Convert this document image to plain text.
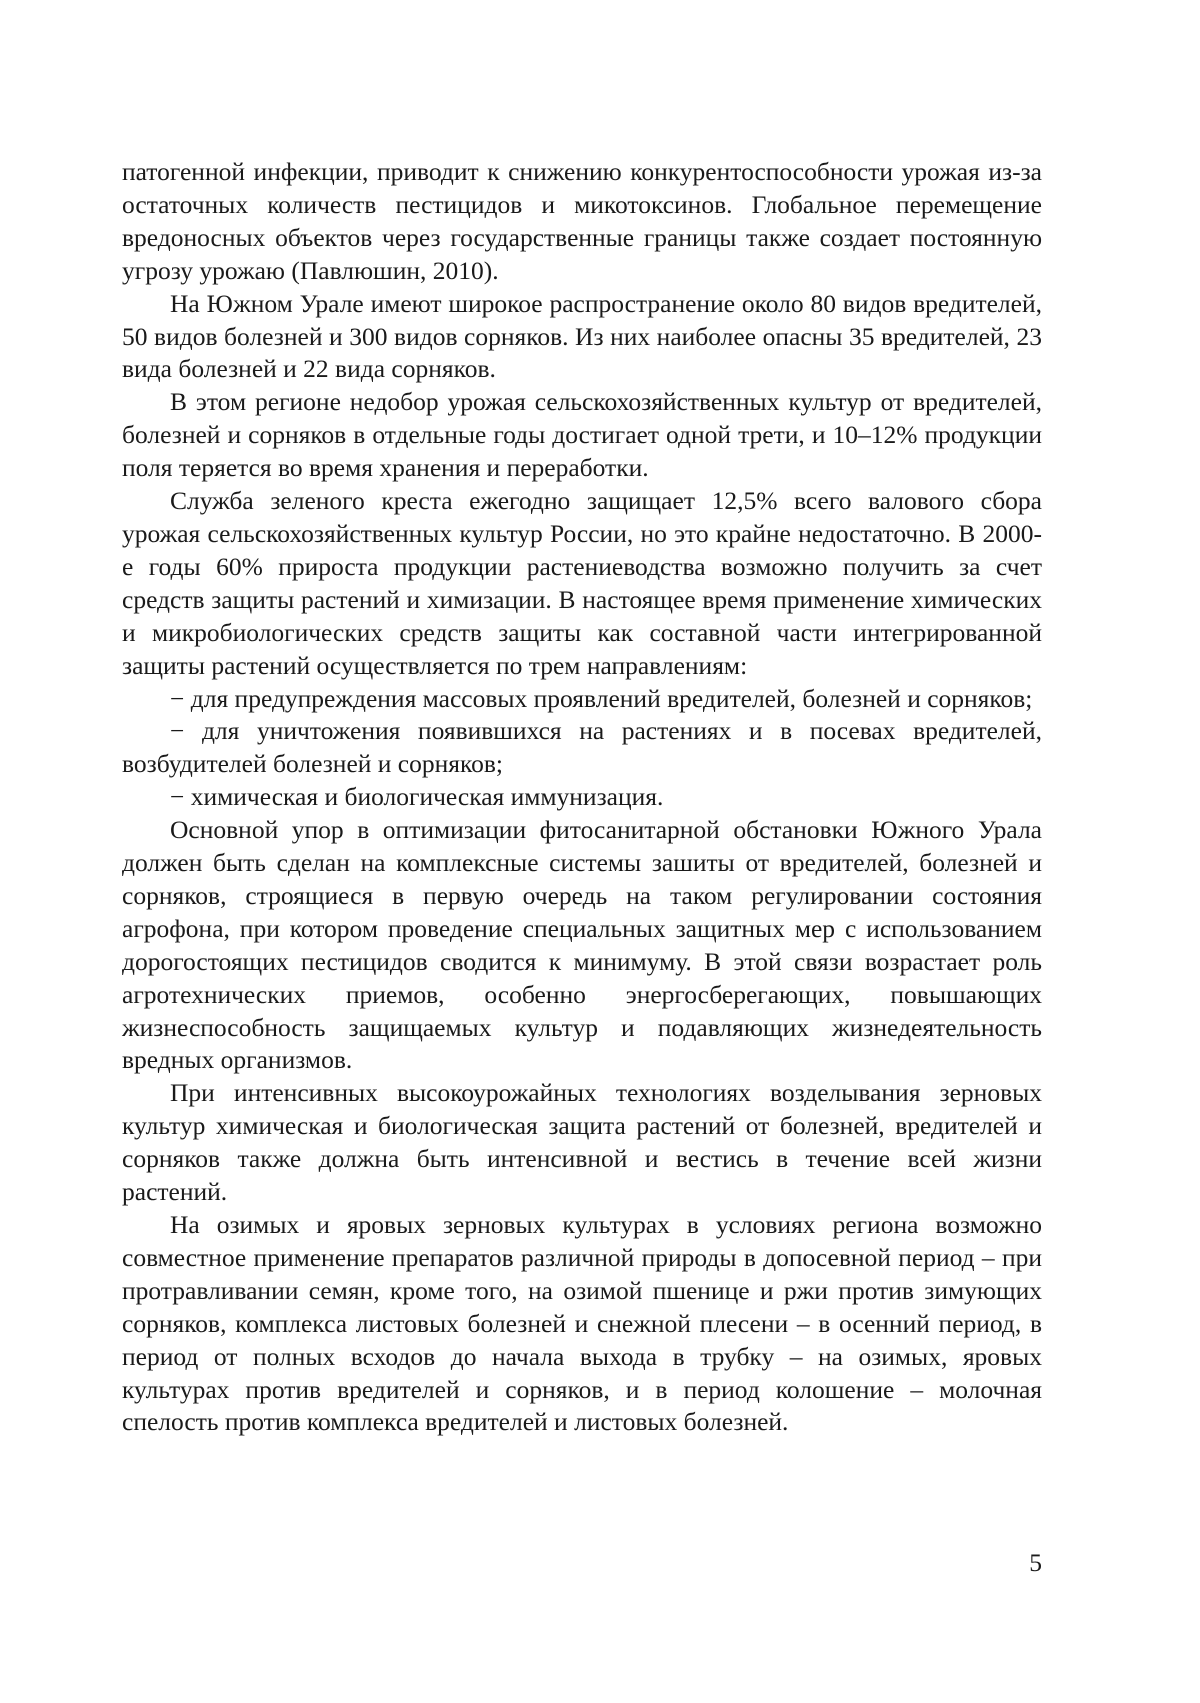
патогенной инфекции, приводит к снижению конкурентоспособности урожая из-за остаточных количеств пестицидов и микотоксинов. Глобальное перемещение вредоносных объектов через государственные границы также создает постоянную угрозу урожаю (Павлюшин, 2010).

На Южном Урале имеют широкое распространение около 80 видов вредителей, 50 видов болезней и 300 видов сорняков. Из них наиболее опасны 35 вредителей, 23 вида болезней и 22 вида сорняков.

В этом регионе недобор урожая сельскохозяйственных культур от вредителей, болезней и сорняков в отдельные годы достигает одной трети, и 10–12% продукции поля теряется во время хранения и переработки.

Служба зеленого креста ежегодно защищает 12,5% всего валового сбора урожая сельскохозяйственных культур России, но это крайне недостаточно. В 2000-е годы 60% прироста продукции растениеводства возможно получить за счет средств защиты растений и химизации. В настоящее время применение химических и микробиологических средств защиты как составной части интегрированной защиты растений осуществляется по трем направлениям:

− для предупреждения массовых проявлений вредителей, болезней и сорняков;

− для уничтожения появившихся на растениях и в посевах вредителей, возбудителей болезней и сорняков;

− химическая и биологическая иммунизация.

Основной упор в оптимизации фитосанитарной обстановки Южного Урала должен быть сделан на комплексные системы зашиты от вредителей, болезней и сорняков, строящиеся в первую очередь на таком регулировании состояния агрофона, при котором проведение специальных защитных мер с использованием дорогостоящих пестицидов сводится к минимуму. В этой связи возрастает роль агротехнических приемов, особенно энергосберегающих, повышающих жизнеспособность защищаемых культур и подавляющих жизнедеятельность вредных организмов.

При интенсивных высокоурожайных технологиях возделывания зерновых культур химическая и биологическая защита растений от болезней, вредителей и сорняков также должна быть интенсивной и вестись в течение всей жизни растений.

На озимых и яровых зерновых культурах в условиях региона возможно совместное применение препаратов различной природы в допосевной период – при протравливании семян, кроме того, на озимой пшенице и ржи против зимующих сорняков, комплекса листовых болезней и снежной плесени – в осенний период, в период от полных всходов до начала выхода в трубку – на озимых, яровых культурах против вредителей и сорняков, и в период колошение – молочная спелость против комплекса вредителей и листовых болезней.

5
